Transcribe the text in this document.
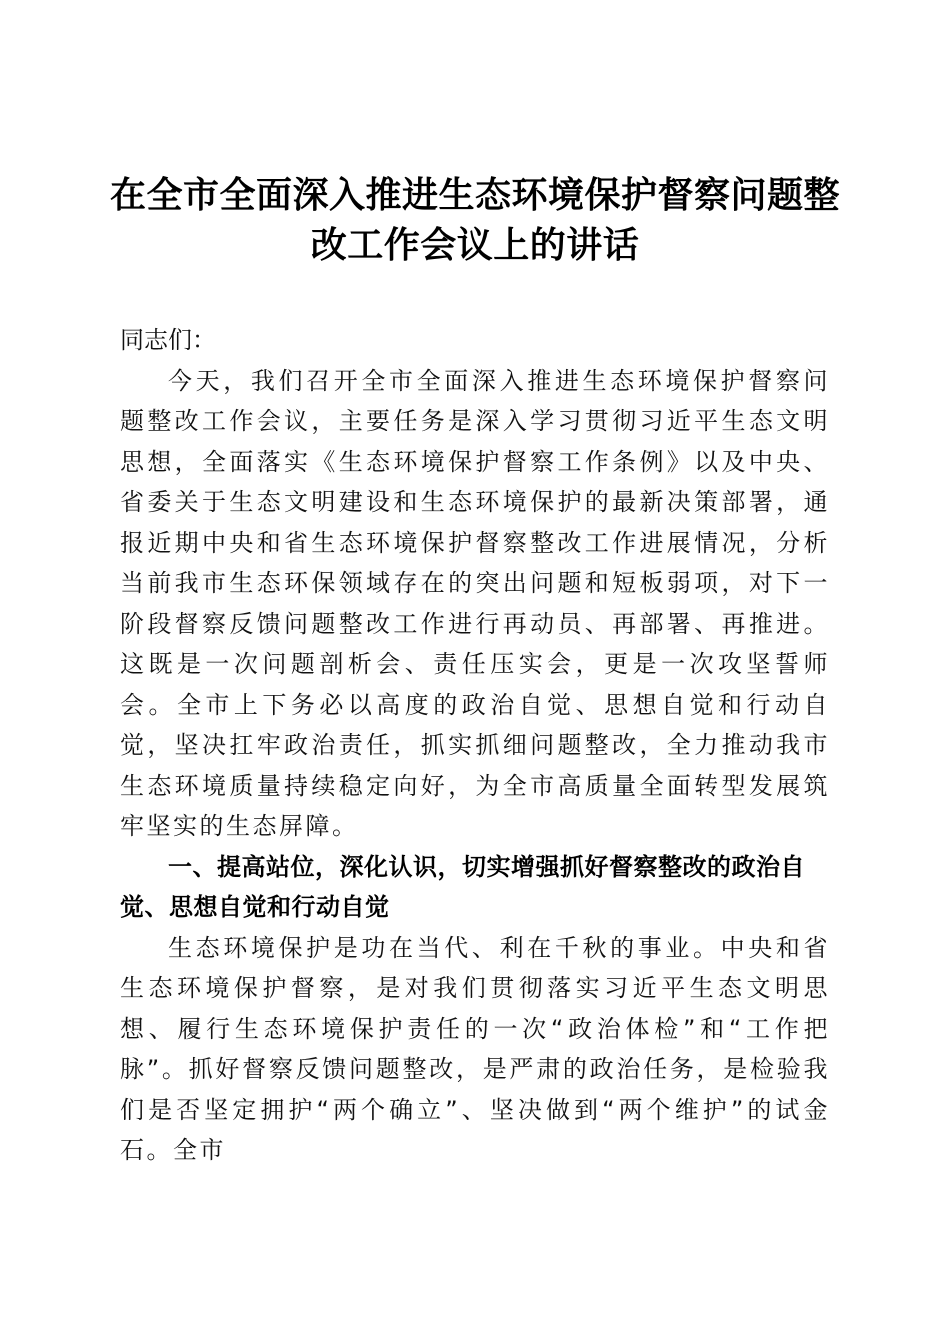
在全市全面深入推进生态环境保护督察问题整改工作会议上的讲话

同志们：

今天，我们召开全市全面深入推进生态环境保护督察问题整改工作会议，主要任务是深入学习贯彻习近平生态文明思想，全面落实《生态环境保护督察工作条例》以及中央、省委关于生态文明建设和生态环境保护的最新决策部署，通报近期中央和省生态环境保护督察整改工作进展情况，分析当前我市生态环保领域存在的突出问题和短板弱项，对下一阶段督察反馈问题整改工作进行再动员、再部署、再推进。这既是一次问题剖析会、责任压实会，更是一次攻坚誓师会。全市上下务必以高度的政治自觉、思想自觉和行动自觉，坚决扛牢政治责任，抓实抓细问题整改，全力推动我市生态环境质量持续稳定向好，为全市高质量全面转型发展筑牢坚实的生态屏障。

一、提高站位，深化认识，切实增强抓好督察整改的政治自觉、思想自觉和行动自觉

生态环境保护是功在当代、利在千秋的事业。中央和省生态环境保护督察，是对我们贯彻落实习近平生态文明思想、履行生态环境保护责任的一次“政治体检”和“工作把脉”。抓好督察反馈问题整改，是严肃的政治任务，是检验我们是否坚定拥护“两个确立”、坚决做到“两个维护”的试金石。全市
